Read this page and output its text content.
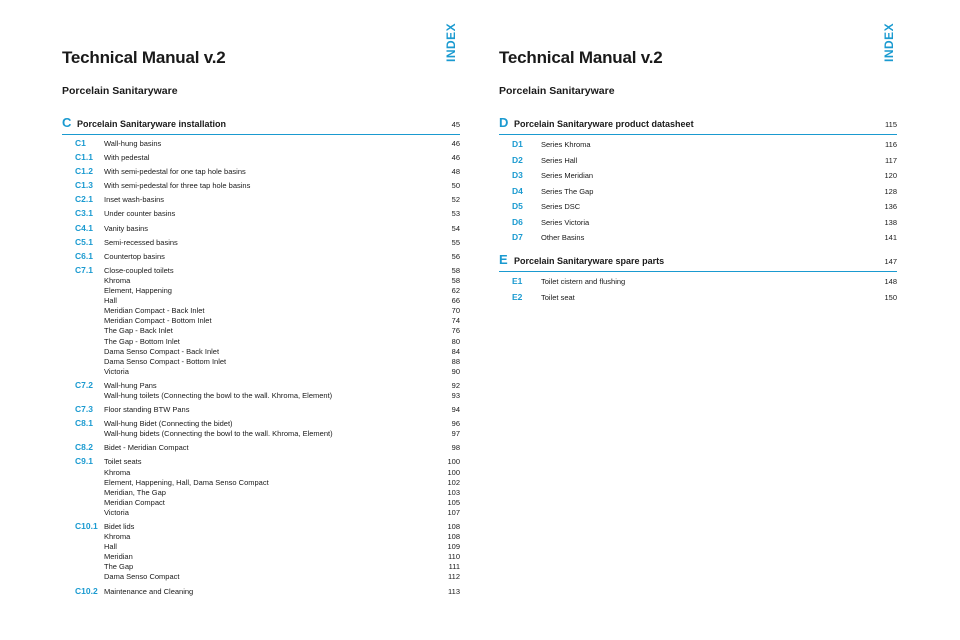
INDEX
Technical Manual v.2
Porcelain Sanitaryware
C Porcelain Sanitaryware installation	45
C1	Wall-hung basins	46
C1.1	With pedestal	46
C1.2	With semi-pedestal for one tap hole basins	48
C1.3	With semi-pedestal for three tap hole basins	50
C2.1	Inset wash-basins	52
C3.1	Under counter basins	53
C4.1	Vanity basins	54
C5.1	Semi-recessed basins	55
C6.1	Countertop basins	56
C7.1	Close-coupled toilets	58
Khroma	58
Element, Happening	62
Hall	66
Meridian Compact - Back Inlet	70
Meridian Compact - Bottom Inlet	74
The Gap - Back Inlet	76
The Gap - Bottom Inlet	80
Dama Senso Compact - Back Inlet	84
Dama Senso Compact - Bottom Inlet	88
Victoria	90
C7.2	Wall-hung Pans	92
Wall-hung toilets (Connecting the bowl to the wall. Khroma, Element)	93
C7.3	Floor standing BTW Pans	94
C8.1	Wall-hung Bidet (Connecting the bidet)	96
Wall-hung bidets (Connecting the bowl to the wall. Khroma, Element)	97
C8.2	Bidet - Meridian Compact	98
C9.1	Toilet seats	100
Khroma	100
Element, Happening, Hall, Dama Senso Compact	102
Meridian, The Gap	103
Meridian Compact	105
Victoria	107
C10.1 Bidet lids	108
Khroma	108
Hall	109
Meridian	110
The Gap	111
Dama Senso Compact	112
C10.2 Maintenance and Cleaning	113
INDEX
Technical Manual v.2
Porcelain Sanitaryware
D Porcelain Sanitaryware product datasheet	115
D1	Series Khroma	116
D2	Series Hall	117
D3	Series Meridian	120
D4	Series The Gap	128
D5	Series DSC	136
D6	Series Victoria	138
D7	Other Basins	141
E Porcelain Sanitaryware spare parts	147
E1	Toilet cistern and flushing	148
E2	Toilet seat	150
